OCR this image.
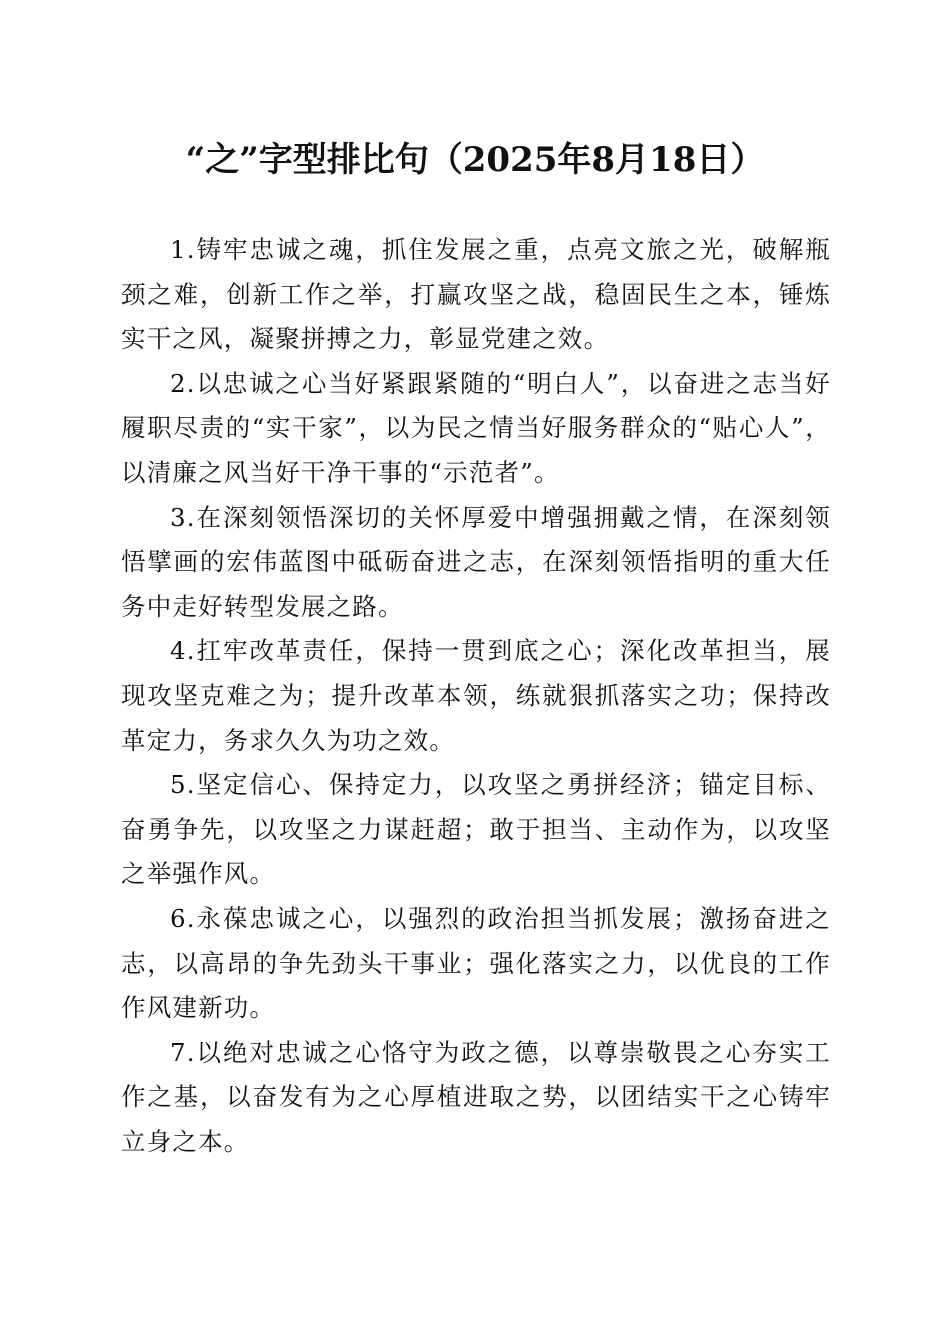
“之”字型排比句（2025年8月18日）

1.铸牢忠诚之魂，抓住发展之重，点亮文旅之光，破解瓶颈之难，创新工作之举，打赢攻坚之战，稳固民生之本，锤炼实干之风，凝聚拼搏之力，彰显党建之效。

2.以忠诚之心当好紧跟紧随的“明白人”，以奋进之志当好履职尽责的“实干家”，以为民之情当好服务群众的“贴心人”，以清廉之风当好干净干事的“示范者”。

3.在深刻领悟深切的关怀厚爱中增强拥戴之情，在深刻领悟擘画的宏伟蓝图中砥砺奋进之志，在深刻领悟指明的重大任务中走好转型发展之路。

4.扛牢改革责任，保持一贯到底之心；深化改革担当，展现攻坚克难之为；提升改革本领，练就狠抓落实之功；保持改革定力，务求久久为功之效。

5.坚定信心、保持定力，以攻坚之勇拼经济；锚定目标、奋勇争先，以攻坚之力谋赶超；敢于担当、主动作为，以攻坚之举强作风。

6.永葆忠诚之心，以强烈的政治担当抓发展；激扬奋进之志，以高昂的争先劲头干事业；强化落实之力，以优良的工作作风建新功。

7.以绝对忠诚之心恪守为政之德，以尊崇敬畏之心夯实工作之基，以奋发有为之心厚植进取之势，以团结实干之心铸牢立身之本。
